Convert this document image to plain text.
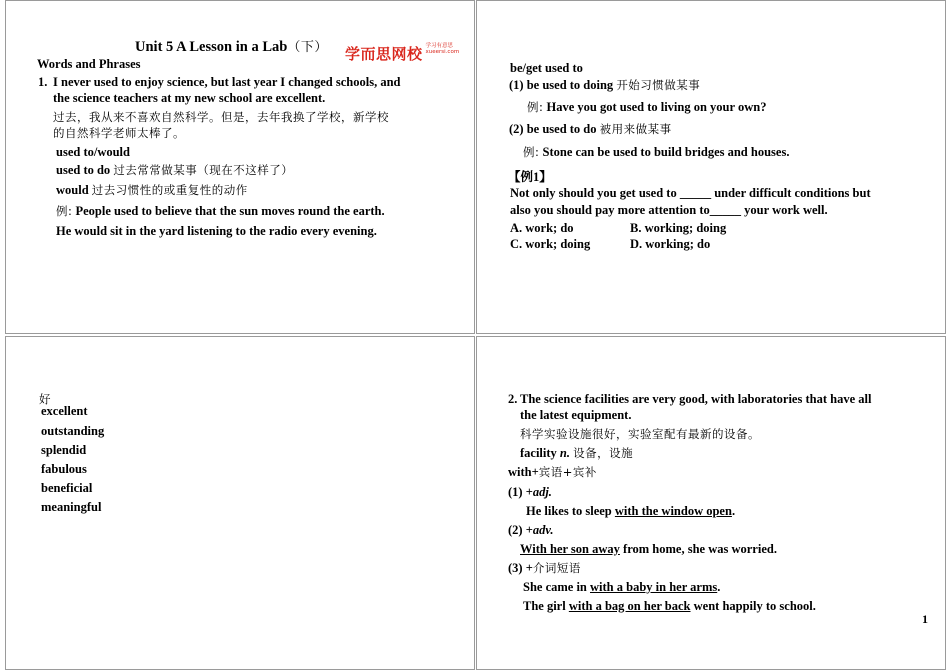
Unit 5 A Lesson in a Lab（下）
Words and Phrases
1. I never used to enjoy science, but last year I changed schools, and
the science teachers at my new school are excellent.
过去，我从来不喜欢自然科学。但是，去年我换了学校，新学校
的自然科学老师太棒了。
used to/would
used to do 过去常常做某事（现在不这样了）
would 过去习惯性的或重复性的动作
例: People used to believe that the sun moves round the earth.
He would sit in the yard listening to the radio every evening.
学而思网校 学习有意思
xueersi.com
be/get used to
(1) be used to doing 开始习惯做某事
例: Have you got used to living on your own?
(2) be used to do 被用来做某事
例: Stone can be used to build bridges and houses.
【例1】
Not only should you get used to _____ under difficult conditions but
also you should pay more attention to_____ your work well.
A. work; do	B. working; doing
C. work; doing	D. working; do
好
excellent
outstanding
splendid
fabulous
beneficial
meaningful
2. The science facilities are very good, with laboratories that have all
the latest equipment.
科学实验设施很好，实验室配有最新的设备。
facility n. 设备，设施
with+宾语+宾补
(1) +adj.
He likes to sleep with the window open.
(2) +adv.
With her son away from home, she was worried.
(3) +介词短语
She came in with a baby in her arms.
The girl with a bag on her back went happily to school.
1
